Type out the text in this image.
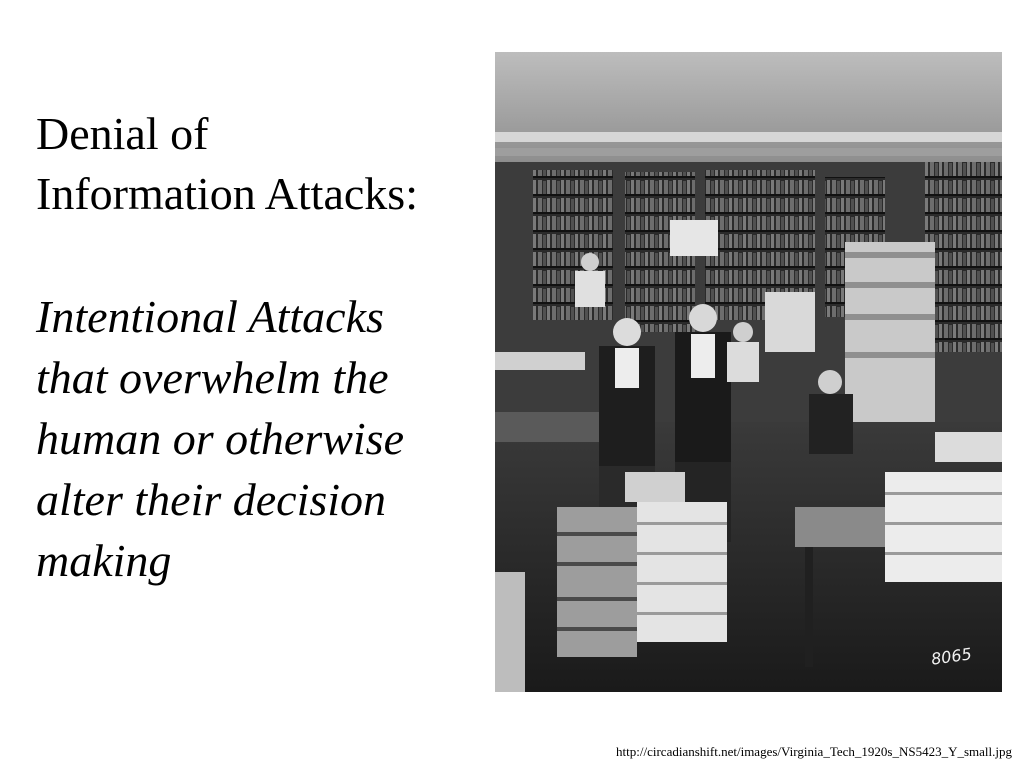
Denial of
Information Attacks:

Intentional Attacks
that overwhelm the
human or otherwise
alter their decision
making

8065
http://circadianshift.net/images/Virginia_Tech_1920s_NS5423_Y_small.jpg
